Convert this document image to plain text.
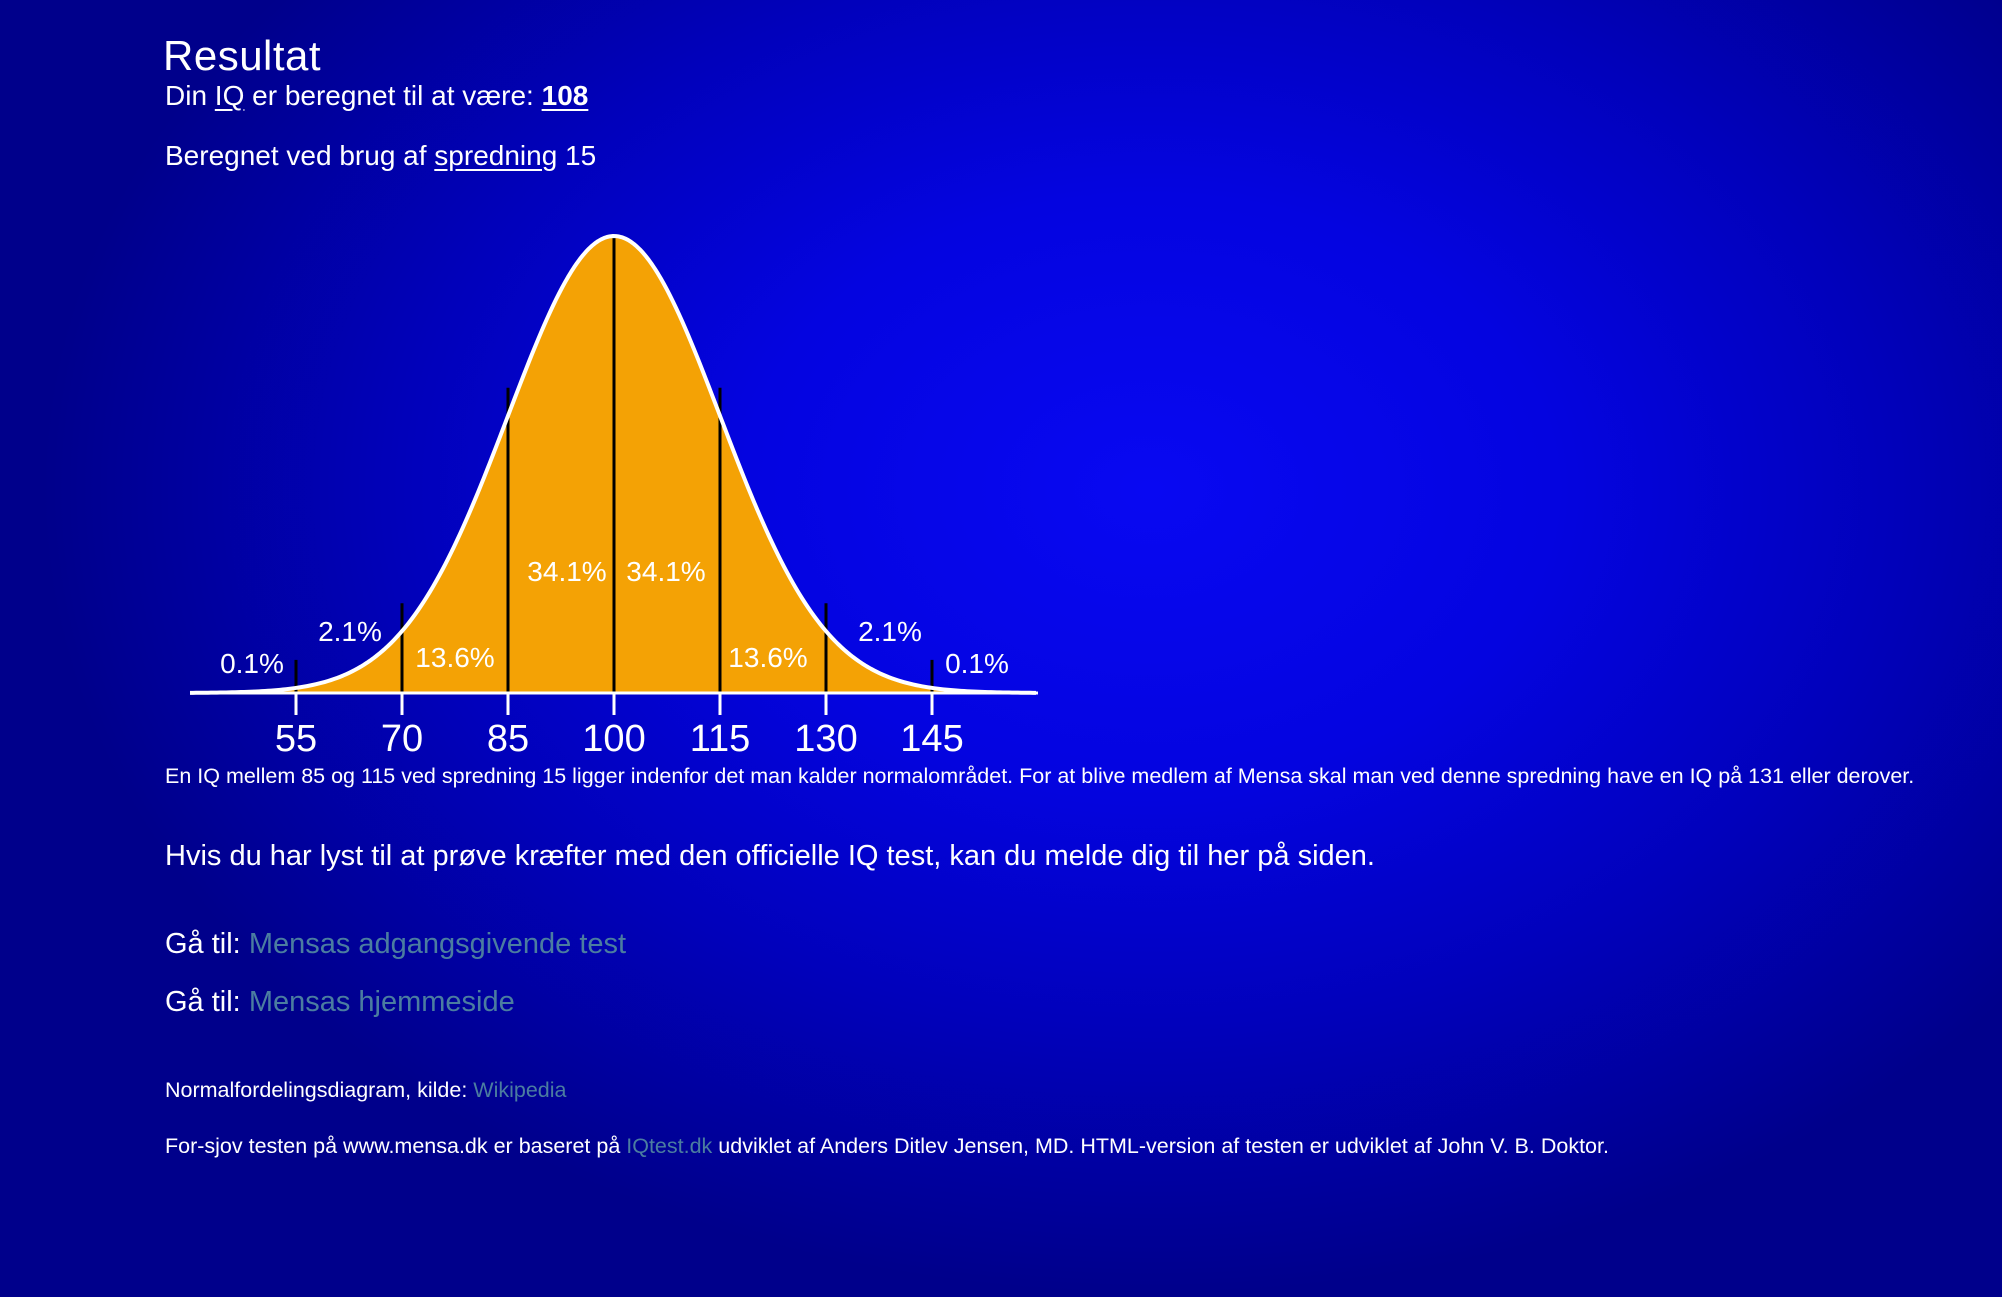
Resultat
Din IQ er beregnet til at være: 108
Beregnet ved brug af spredning 15
55 70 85 100 115 130 145
0.1%
2.1%
13.6%
34.1% 34.1%
13.6%
2.1%
0.1%
En IQ mellem 85 og 115 ved spredning 15 ligger indenfor det man kalder normalområdet. For at blive medlem af Mensa skal man ved denne spredning have en IQ på 131 eller derover.
Hvis du har lyst til at prøve kræfter med den officielle IQ test, kan du melde dig til her på siden.
Gå til: Mensas adgangsgivende test
Gå til: Mensas hjemmeside
Normalfordelingsdiagram, kilde: Wikipedia
For-sjov testen på www.mensa.dk er baseret på IQtest.dk udviklet af Anders Ditlev Jensen, MD. HTML-version af testen er udviklet af John V. B. Doktor.
